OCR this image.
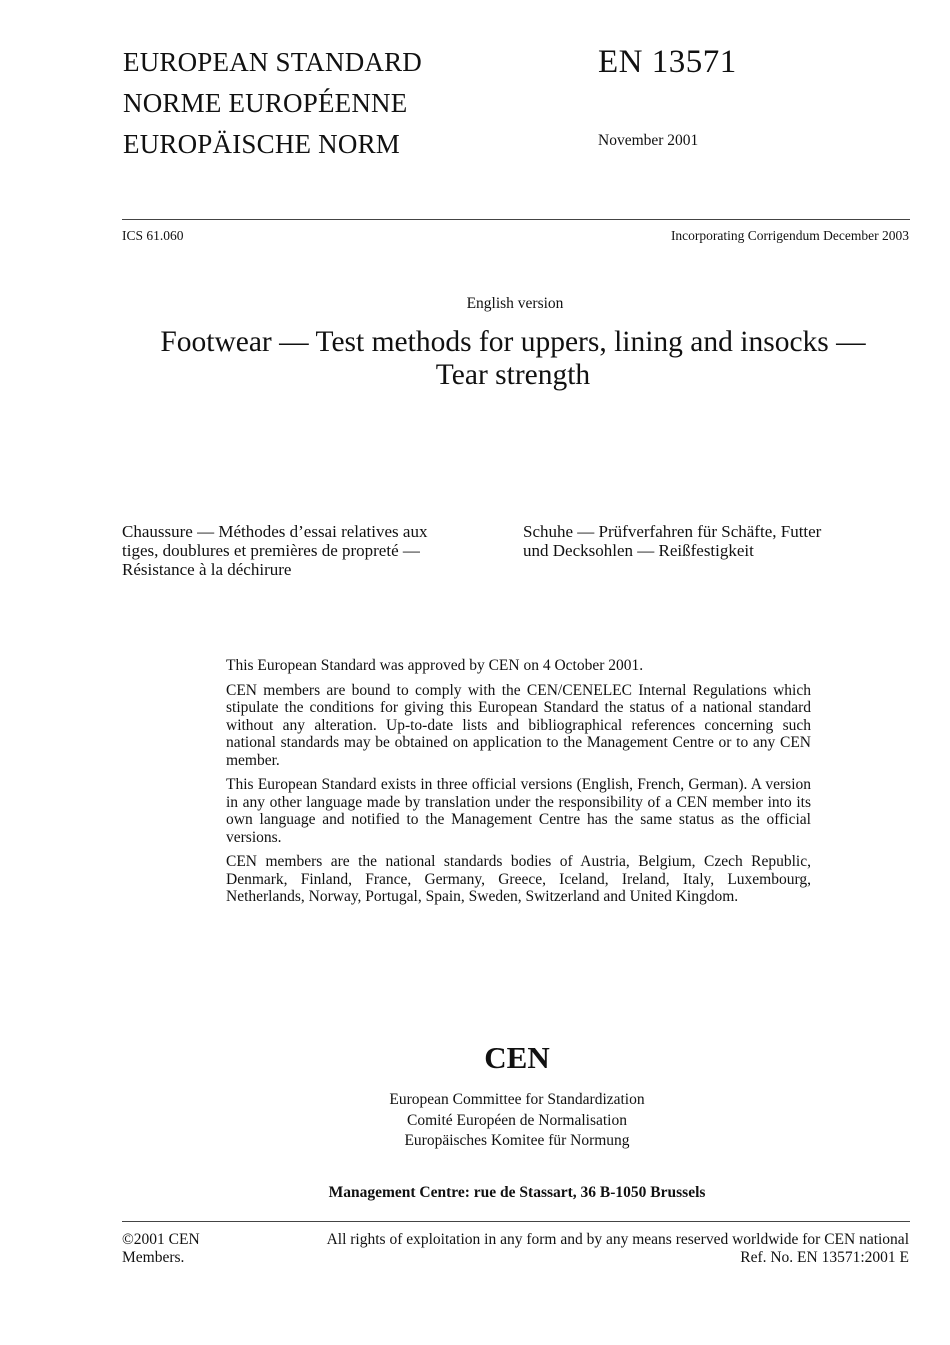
EUROPEAN STANDARD
NORME EUROPÉENNE
EUROPÄISCHE NORM
EN 13571
November 2001
ICS 61.060	Incorporating Corrigendum December 2003
English version
Footwear — Test methods for uppers, lining and insocks —
Tear strength
Chaussure — Méthodes d’essai relatives aux
tiges, doublures et premières de propreté —
Résistance à la déchirure
Schuhe — Prüfverfahren für Schäfte, Futter
und Decksohlen — Reißfestigkeit

This European Standard was approved by CEN on 4 October 2001.

CEN members are bound to comply with the CEN/CENELEC Internal Regulations which stipulate the conditions for giving this European Standard the status of a national standard without any alteration. Up-to-date lists and bibliographical references concerning such national standards may be obtained on application to the Management Centre or to any CEN member.

This European Standard exists in three official versions (English, French, German). A version in any other language made by translation under the responsibility of a CEN member into its own language and notified to the Management Centre has the same status as the official versions.

CEN members are the national standards bodies of Austria, Belgium, Czech Republic, Denmark, Finland, France, Germany, Greece, Iceland, Ireland, Italy, Luxembourg, Netherlands, Norway, Portugal, Spain, Sweden, Switzerland and United Kingdom.

CEN
European Committee for Standardization
Comité Européen de Normalisation
Europäisches Komitee für Normung
Management Centre: rue de Stassart, 36 B-1050 Brussels
©2001 CEN
Members.
All rights of exploitation in any form and by any means reserved worldwide for CEN national
Ref. No. EN 13571:2001 E
